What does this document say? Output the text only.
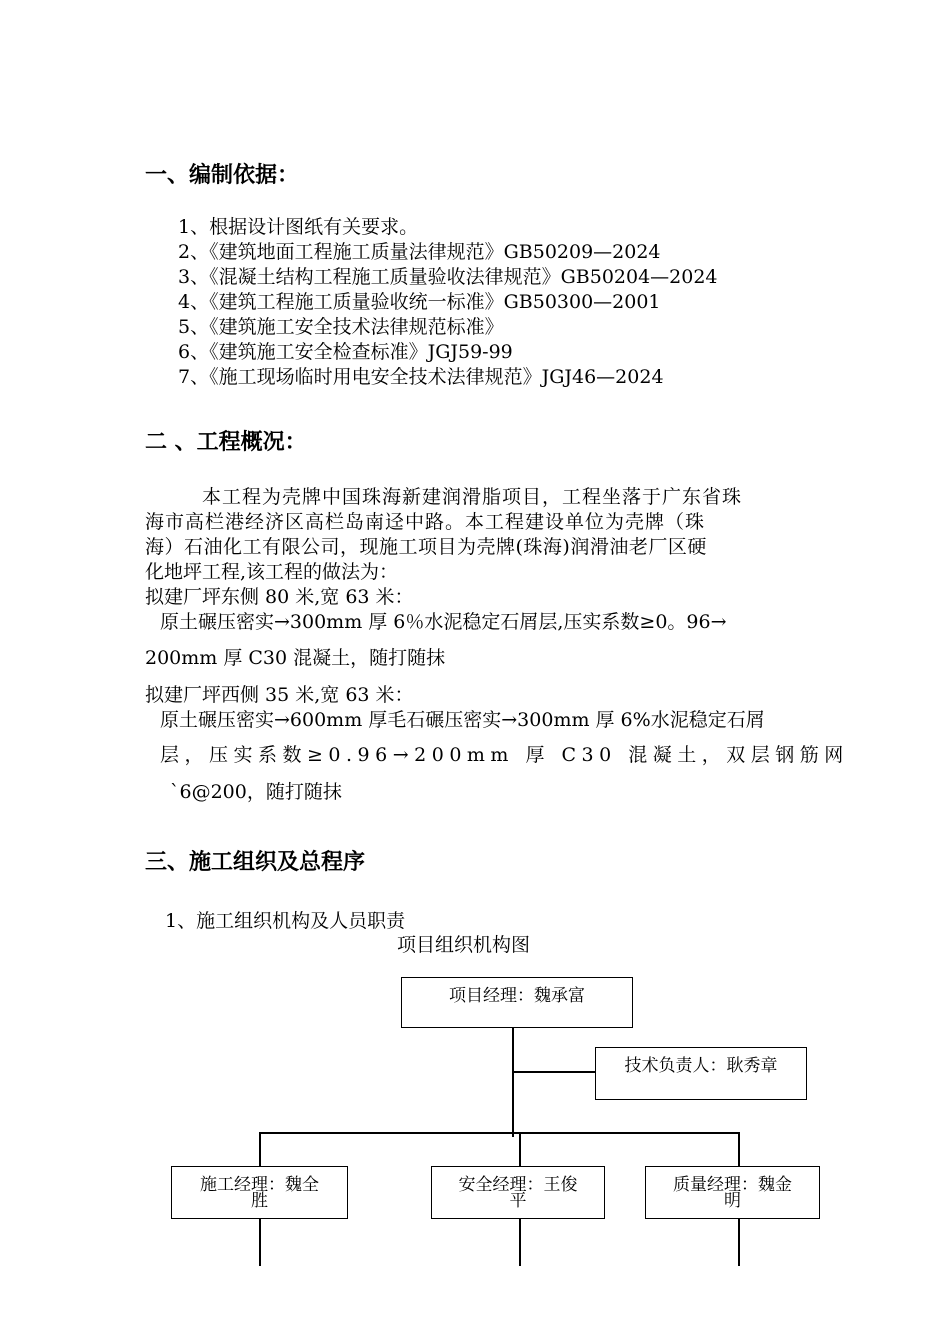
一、编制依据：
1、根据设计图纸有关要求。
2、《建筑地面工程施工质量法律规范》GB50209—2024
3、《混凝土结构工程施工质量验收法律规范》GB50204—2024
4、《建筑工程施工质量验收统一标准》GB50300—2001
5、《建筑施工安全技术法律规范标准》
6、《建筑施工安全检查标准》JGJ59-99
7、《施工现场临时用电安全技术法律规范》JGJ46—2024
二 、工程概况：
本工程为壳牌中国珠海新建润滑脂项目，工程坐落于广东省珠
海市高栏港经济区高栏岛南迳中路。本工程建设单位为壳牌（珠
海）石油化工有限公司，现施工项目为壳牌(珠海)润滑油老厂区硬
化地坪工程,该工程的做法为：
拟建厂坪东侧 80 米,宽 63 米：
原土碾压密实→300mm 厚 6％水泥稳定石屑层,压实系数≥0。96→
200mm 厚 C30 混凝土，随打随抹
拟建厂坪西侧 35 米,宽 63 米：
原土碾压密实→600mm 厚毛石碾压密实→300mm 厚 6%水泥稳定石屑
层，压实系数≥0.96→200mm 厚 C30 混凝土，双层钢筋网
`6@200，随打随抹
三、施工组织及总程序
1、施工组织机构及人员职责
项目组织机构图
项目经理：魏承富
技术负责人：耿秀章
施工经理：魏全
胜
安全经理：王俊
平
质量经理：魏金
明
